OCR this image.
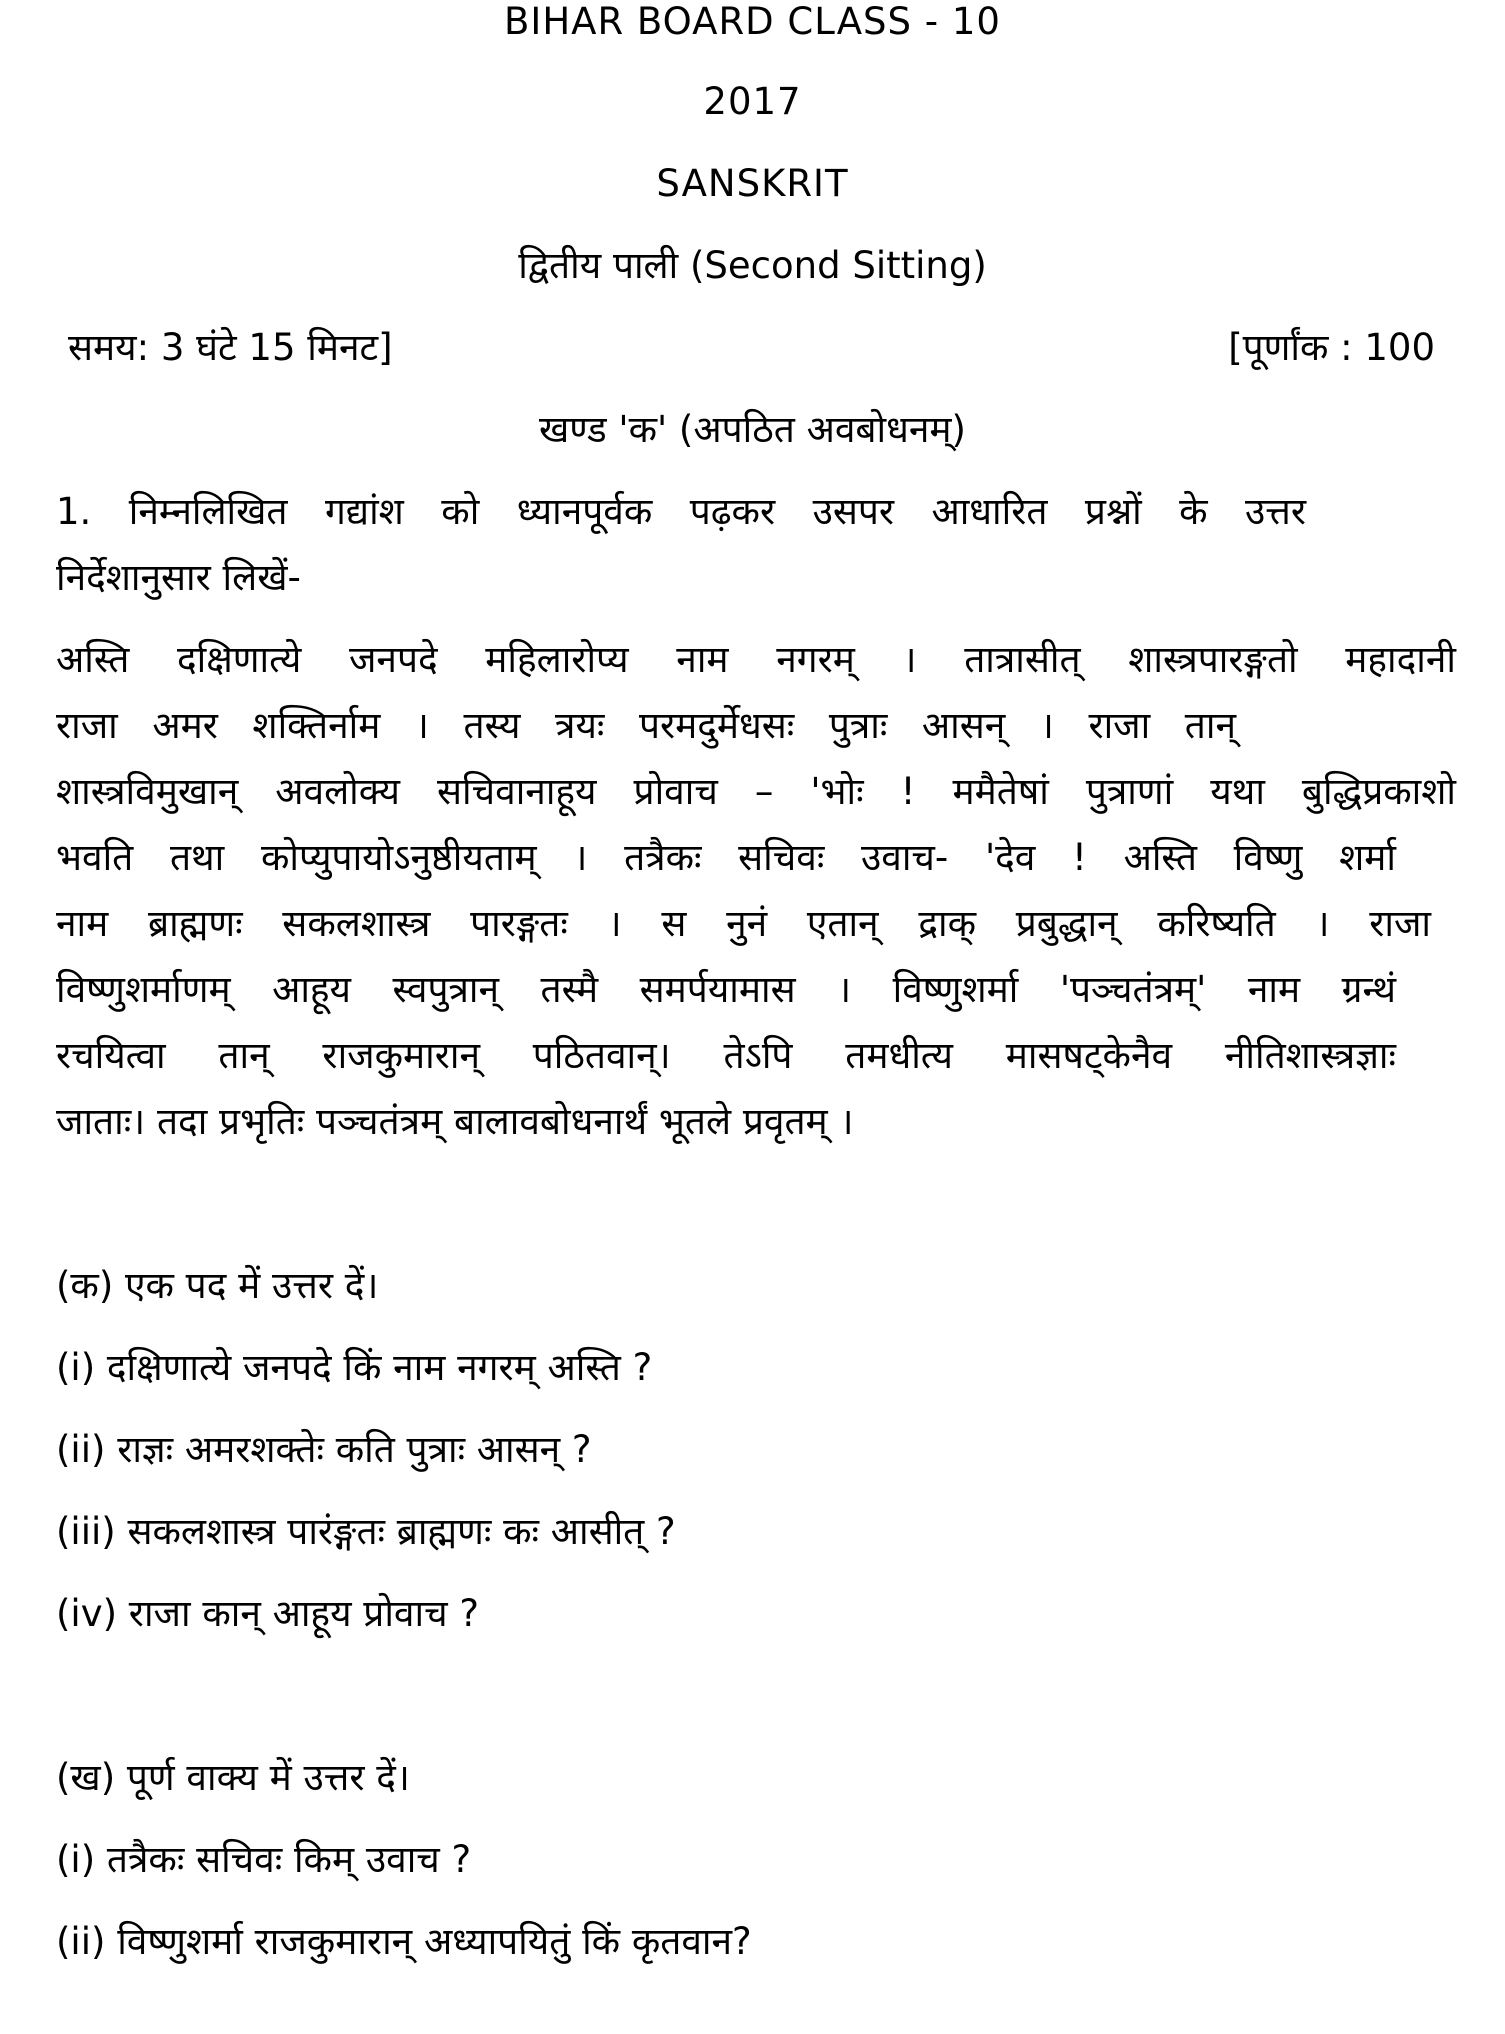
BIHAR BOARD CLASS - 10
2017
SANSKRIT
द्वितीय पाली (Second Sitting)
समय: 3 घंटे 15 मिनट]	[पूर्णांक : 100
खण्ड 'क' (अपठित अवबोधनम्)
1. निम्नलिखित गद्यांश को ध्यानपूर्वक पढ़कर उसपर आधारित प्रश्नों के उत्तर
निर्देशानुसार लिखें-
अस्ति दक्षिणात्ये जनपदे महिलारोप्य नाम नगरम् । तात्रासीत् शास्त्रपारङ्गतो महादानी
राजा अमर शक्तिर्नाम । तस्य त्रयः परमदुर्मेधसः पुत्राः आसन् । राजा तान्
शास्त्रविमुखान् अवलोक्य सचिवानाहूय प्रोवाच – 'भोः ! ममैतेषां पुत्राणां यथा बुद्धिप्रकाशो
भवति तथा कोप्युपायोऽनुष्ठीयताम् । तत्रैकः सचिवः उवाच- 'देव ! अस्ति विष्णु शर्मा
नाम ब्राह्मणः सकलशास्त्र पारङ्गतः । स नुनं एतान् द्राक् प्रबुद्धान् करिष्यति । राजा
विष्णुशर्माणम् आहूय स्वपुत्रान् तस्मै समर्पयामास । विष्णुशर्मा 'पञ्चतंत्रम्' नाम ग्रन्थं
रचयित्वा तान् राजकुमारान् पठितवान्। तेऽपि तमधीत्य मासषट्केनैव नीतिशास्त्रज्ञाः
जाताः। तदा प्रभृतिः पञ्चतंत्रम् बालावबोधनार्थं भूतले प्रवृतम् ।
(क) एक पद में उत्तर दें।
(i) दक्षिणात्ये जनपदे किं नाम नगरम् अस्ति ?
(ii) राज्ञः अमरशक्तेः कति पुत्राः आसन् ?
(iii) सकलशास्त्र पारंङ्गतः ब्राह्मणः कः आसीत् ?
(iv) राजा कान् आहूय प्रोवाच ?
(ख) पूर्ण वाक्य में उत्तर दें।
(i) तत्रैकः सचिवः किम् उवाच ?
(ii) विष्णुशर्मा राजकुमारान् अध्यापयितुं किं कृतवान?
